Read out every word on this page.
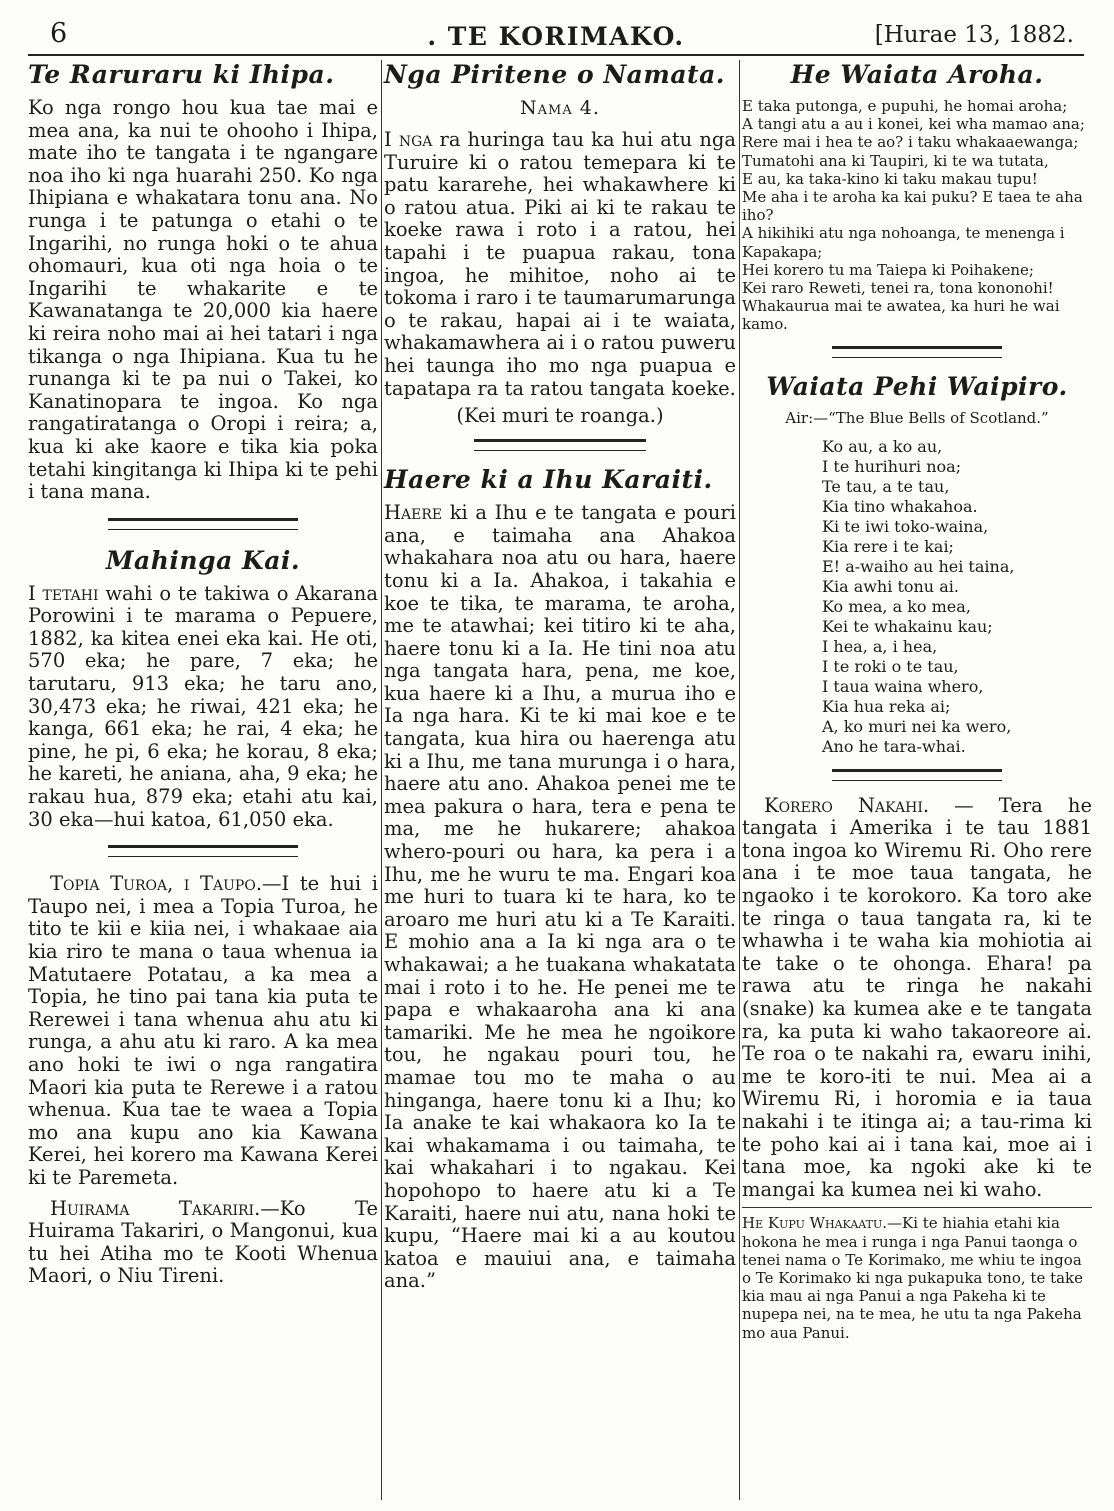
6	. TE KORIMAKO.	[Hurae 13, 1882.
Te Raruraru ki Ihipa.

Ko nga rongo hou kua tae mai e mea ana, ka nui te ohooho i Ihipa, mate iho te tangata i te ngangare noa iho ki nga huarahi 250. Ko nga Ihipiana e whakatara tonu ana. No runga i te patunga o etahi o te Ingarihi, no runga hoki o te ahua ohomauri, kua oti nga hoia o te Ingarihi te whakarite e te Kawanatanga te 20,000 kia haere ki reira noho mai ai hei tatari i nga tikanga o nga Ihipiana. Kua tu he runanga ki te pa nui o Takei, ko Kanatinopara te ingoa. Ko nga rangatiratanga o Oropi i reira; a, kua ki ake kaore e tika kia poka tetahi kingitanga ki Ihipa ki te pehi i tana mana.

Mahinga Kai.

I tetahi wahi o te takiwa o Akarana Porowini i te marama o Pepuere, 1882, ka kitea enei eka kai. He oti, 570 eka; he pare, 7 eka; he tarutaru, 913 eka; he taru ano, 30,473 eka; he riwai, 421 eka; he kanga, 661 eka; he rai, 4 eka; he pine, he pi, 6 eka; he korau, 8 eka; he kareti, he aniana, aha, 9 eka; he rakau hua, 879 eka; etahi atu kai, 30 eka—hui katoa, 61,050 eka.

Topia Turoa, i Taupo.—I te hui i Taupo nei, i mea a Topia Turoa, he tito te kii e kiia nei, i whakaae aia kia riro te mana o taua whenua ia Matutaere Potatau, a ka mea a Topia, he tino pai tana kia puta te Rerewei i tana whenua ahu atu ki runga, a ahu atu ki raro. A ka mea ano hoki te iwi o nga rangatira Maori kia puta te Rerewe i a ratou whenua. Kua tae te waea a Topia mo ana kupu ano kia Kawana Kerei, hei korero ma Kawana Kerei ki te Paremeta.

Huirama Takariri.—Ko Te Huirama Takariri, o Mangonui, kua tu hei Atiha mo te Kooti Whenua Maori, o Niu Tireni.

Nga Piritene o Namata.
Nama 4.

I nga ra huringa tau ka hui atu nga Turuire ki o ratou temepara ki te patu kararehe, hei whakawhere ki o ratou atua. Piki ai ki te rakau te koeke rawa i roto i a ratou, hei tapahi i te puapua rakau, tona ingoa, he mihitoe, noho ai te tokoma i raro i te taumarumarunga o te rakau, hapai ai i te waiata, whakamawhera ai i o ratou puweru hei taunga iho mo nga puapua e tapatapa ra ta ratou tangata koeke.

(Kei muri te roanga.)
Haere ki a Ihu Karaiti.

Haere ki a Ihu e te tangata e pouri ana, e taimaha ana Ahakoa whakahara noa atu ou hara, haere tonu ki a Ia. Ahakoa, i takahia e koe te tika, te marama, te aroha, me te atawhai; kei titiro ki te aha, haere tonu ki a Ia. He tini noa atu nga tangata hara, pena, me koe, kua haere ki a Ihu, a murua iho e Ia nga hara. Ki te ki mai koe e te tangata, kua hira ou haerenga atu ki a Ihu, me tana murunga i o hara, haere atu ano. Ahakoa penei me te mea pakura o hara, tera e pena te ma, me he hukarere; ahakoa whero-pouri ou hara, ka pera i a Ihu, me he wuru te ma. Engari koa me huri to tuara ki te hara, ko te aroaro me huri atu ki a Te Karaiti. E mohio ana a Ia ki nga ara o te whakawai; a he tuakana whakatata mai i roto i to he. He penei me te papa e whakaaroha ana ki ana tamariki. Me he mea he ngoikore tou, he ngakau pouri tou, he mamae tou mo te maha o au hinganga, haere tonu ki a Ihu; ko Ia anake te kai whakaora ko Ia te kai whakamama i ou taimaha, te kai whakahari i to ngakau. Kei hopohopo to haere atu ki a Te Karaiti, haere nui atu, nana hoki te kupu, “Haere mai ki a au koutou katoa e mauiui ana, e taimaha ana.”

He Waiata Aroha.

E taka putonga, e pupuhi, he homai aroha;
A tangi atu a au i konei, kei wha mamao ana;
Rere mai i hea te ao? i taku whakaaewanga;
Tumatohi ana ki Taupiri, ki te wa tutata,
E au, ka taka-kino ki taku makau tupu!
Me aha i te aroha ka kai puku? E taea te aha iho?
A hikihiki atu nga nohoanga, te menenga i Kapakapa;
Hei korero tu ma Taiepa ki Poihakene;
Kei raro Reweti, tenei ra, tona kononohi!
Whakaurua mai te awatea, ka huri he wai kamo.

Waiata Pehi Waipiro.
Air:—“The Blue Bells of Scotland.”

Ko au, a ko au,
I te hurihuri noa;
Te tau, a te tau,
Kia tino whakahoa.
Ki te iwi toko-waina,
Kia rere i te kai;
E! a-waiho au hei taina,
Kia awhi tonu ai.
Ko mea, a ko mea,
Kei te whakainu kau;
I hea, a, i hea,
I te roki o te tau,
I taua waina whero,
Kia hua reka ai;
A, ko muri nei ka wero,
Ano he tara-whai.

Korero Nakahi. — Tera he tangata i Amerika i te tau 1881 tona ingoa ko Wiremu Ri. Oho rere ana i te moe taua tangata, he ngaoko i te korokoro. Ka toro ake te ringa o taua tangata ra, ki te whawha i te waha kia mohiotia ai te take o te ohonga. Ehara! pa rawa atu te ringa he nakahi (snake) ka kumea ake e te tangata ra, ka puta ki waho takaoreore ai. Te roa o te nakahi ra, ewaru inihi, me te koro-iti te nui. Mea ai a Wiremu Ri, i horomia e ia taua nakahi i te itinga ai; a tau-rima ki te poho kai ai i tana kai, moe ai i tana moe, ka ngoki ake ki te mangai ka kumea nei ki waho.

He Kupu Whakaatu.—Ki te hiahia etahi kia hokona he mea i runga i nga Panui taonga o tenei nama o Te Korimako, me whiu te ingoa o Te Korimako ki nga pukapuka tono, te take kia mau ai nga Panui a nga Pakeha ki te nupepa nei, na te mea, he utu ta nga Pakeha mo aua Panui.
